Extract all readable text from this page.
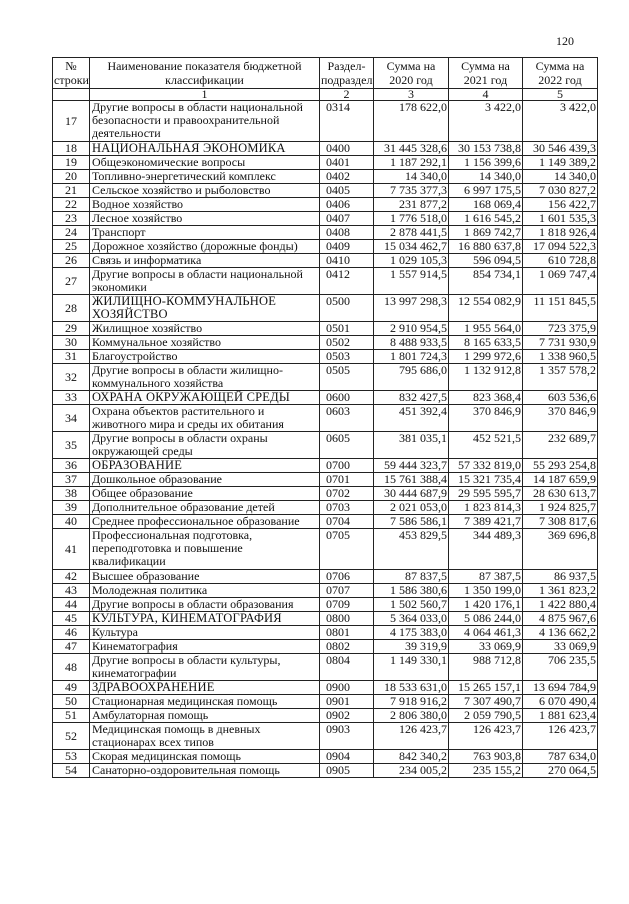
120
№ строки	Наименование показателя бюджетной классификации	Раздел-подраздел	Сумма на 2020 год	Сумма на 2021 год	Сумма на 2022 год
	1	2	3	4	5
17	Другие вопросы в области национальной безопасности и правоохранительной деятельности	0314	178 622,0	3 422,0	3 422,0
18	НАЦИОНАЛЬНАЯ ЭКОНОМИКА	0400	31 445 328,6	30 153 738,8	30 546 439,3
19	Общеэкономические вопросы	0401	1 187 292,1	1 156 399,6	1 149 389,2
20	Топливно-энергетический комплекс	0402	14 340,0	14 340,0	14 340,0
21	Сельское хозяйство и рыболовство	0405	7 735 377,3	6 997 175,5	7 030 827,2
22	Водное хозяйство	0406	231 877,2	168 069,4	156 422,7
23	Лесное хозяйство	0407	1 776 518,0	1 616 545,2	1 601 535,3
24	Транспорт	0408	2 878 441,5	1 869 742,7	1 818 926,4
25	Дорожное хозяйство (дорожные фонды)	0409	15 034 462,7	16 880 637,8	17 094 522,3
26	Связь и информатика	0410	1 029 105,3	596 094,5	610 728,8
27	Другие вопросы в области национальной экономики	0412	1 557 914,5	854 734,1	1 069 747,4
28	ЖИЛИЩНО-КОММУНАЛЬНОЕ ХОЗЯЙСТВО	0500	13 997 298,3	12 554 082,9	11 151 845,5
29	Жилищное хозяйство	0501	2 910 954,5	1 955 564,0	723 375,9
30	Коммунальное хозяйство	0502	8 488 933,5	8 165 633,5	7 731 930,9
31	Благоустройство	0503	1 801 724,3	1 299 972,6	1 338 960,5
32	Другие вопросы в области жилищно-коммунального хозяйства	0505	795 686,0	1 132 912,8	1 357 578,2
33	ОХРАНА ОКРУЖАЮЩЕЙ СРЕДЫ	0600	832 427,5	823 368,4	603 536,6
34	Охрана объектов растительного и животного мира и среды их обитания	0603	451 392,4	370 846,9	370 846,9
35	Другие вопросы в области охраны окружающей среды	0605	381 035,1	452 521,5	232 689,7
36	ОБРАЗОВАНИЕ	0700	59 444 323,7	57 332 819,0	55 293 254,8
37	Дошкольное образование	0701	15 761 388,4	15 321 735,4	14 187 659,9
38	Общее образование	0702	30 444 687,9	29 595 595,7	28 630 613,7
39	Дополнительное образование детей	0703	2 021 053,0	1 823 814,3	1 924 825,7
40	Среднее профессиональное образование	0704	7 586 586,1	7 389 421,7	7 308 817,6
41	Профессиональная подготовка, переподготовка и повышение квалификации	0705	453 829,5	344 489,3	369 696,8
42	Высшее образование	0706	87 837,5	87 387,5	86 937,5
43	Молодежная политика	0707	1 586 380,6	1 350 199,0	1 361 823,2
44	Другие вопросы в области образования	0709	1 502 560,7	1 420 176,1	1 422 880,4
45	КУЛЬТУРА, КИНЕМАТОГРАФИЯ	0800	5 364 033,0	5 086 244,0	4 875 967,6
46	Культура	0801	4 175 383,0	4 064 461,3	4 136 662,2
47	Кинематография	0802	39 319,9	33 069,9	33 069,9
48	Другие вопросы в области культуры, кинематографии	0804	1 149 330,1	988 712,8	706 235,5
49	ЗДРАВООХРАНЕНИЕ	0900	18 533 631,0	15 265 157,1	13 694 784,9
50	Стационарная медицинская помощь	0901	7 918 916,2	7 307 490,7	6 070 490,4
51	Амбулаторная помощь	0902	2 806 380,0	2 059 790,5	1 881 623,4
52	Медицинская помощь в дневных стационарах всех типов	0903	126 423,7	126 423,7	126 423,7
53	Скорая медицинская помощь	0904	842 340,2	763 903,8	787 634,0
54	Санаторно-оздоровительная помощь	0905	234 005,2	235 155,2	270 064,5
